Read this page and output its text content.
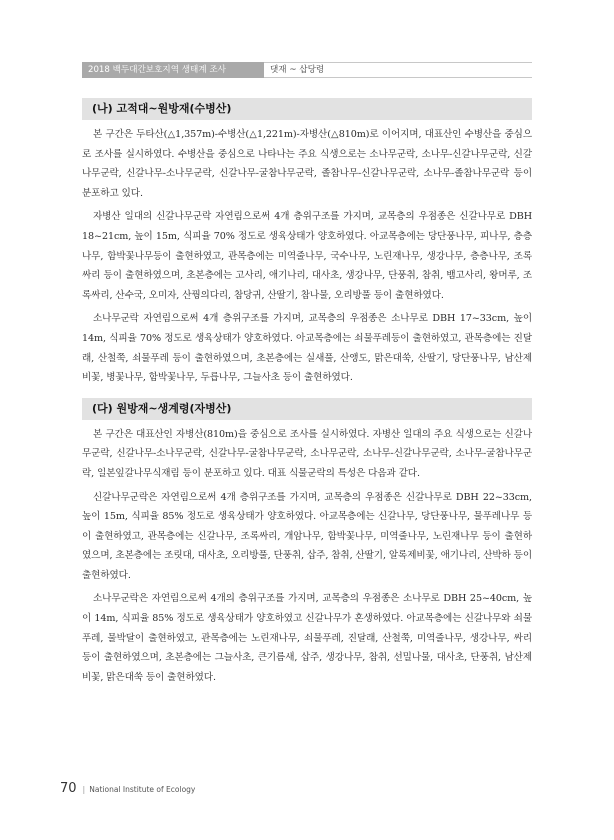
2018 백두대간보호지역 생태계 조사	댓재 ~ 삽당령
(나) 고적대~원방재(수병산)

본 구간은 두타산(△1,357m)-수병산(△1,221m)-자병산(△810m)로 이어지며, 대표산인 수병산을 중심으로 조사를 실시하였다. 수병산을 중심으로 나타나는 주요 식생으로는 소나무군락, 소나무-신갈나무군락, 신갈나무군락, 신갈나무-소나무군락, 신갈나무-굴참나무군락, 졸참나무-신갈나무군락, 소나무-졸참나무군락 등이 분포하고 있다.

자병산 일대의 신갈나무군락 자연림으로써 4개 층위구조를 가지며, 교목층의 우점종은 신갈나무로 DBH 18~21cm, 높이 15m, 식피율 70% 정도로 생육상태가 양호하였다. 아교목층에는 당단풍나무, 피나무, 층층나무, 함박꽃나무등이 출현하였고, 관목층에는 미역줄나무, 국수나무, 노린재나무, 생강나무, 층층나무, 조록싸리 등이 출현하였으며, 초본층에는 고사리, 애기나리, 대사초, 생강나무, 단풍취, 참취, 뱀고사리, 왕머루, 조록싸리, 산수국, 오미자, 산꿩의다리, 참당귀, 산딸기, 참나물, 오리방풀 등이 출현하였다.

소나무군락 자연림으로써 4개 층위구조를 가지며, 교목층의 우점종은 소나무로 DBH 17~33cm, 높이 14m, 식피율 70% 정도로 생육상태가 양호하였다. 아교목층에는 쇠물푸레등이 출현하였고, 관목층에는 진달래, 산철쭉, 쇠물푸레 등이 출현하였으며, 초본층에는 실새풀, 산앵도, 맑은대쑥, 산딸기, 당단풍나무, 남산제비꽃, 병꽃나무, 함박꽃나무, 두릅나무, 그늘사초 등이 출현하였다.

(다) 원방재~생계령(자병산)

본 구간은 대표산인 자병산(810m)을 중심으로 조사를 실시하였다. 자병산 일대의 주요 식생으로는 신갈나무군락, 신갈나무-소나무군락, 신갈나무-굴참나무군락, 소나무군락, 소나무-신갈나무군락, 소나무-굴참나무군락, 일본잎갈나무식재림 등이 분포하고 있다. 대표 식물군락의 특성은 다음과 같다.

신갈나무군락은 자연림으로써 4개 층위구조를 가지며, 교목층의 우점종은 신갈나무로 DBH 22~33cm, 높이 15m, 식피율 85% 정도로 생육상태가 양호하였다. 아교목층에는 신갈나무, 당단풍나무, 물푸레나무 등이 출현하였고, 관목층에는 신갈나무, 조록싸리, 개암나무, 함박꽃나무, 미역줄나무, 노린재나무 등이 출현하였으며, 초본층에는 조릿대, 대사초, 오리방풀, 단풍취, 삽주, 참취, 산딸기, 알록제비꽃, 애기나리, 산박하 등이 출현하였다.

소나무군락은 자연림으로써 4개의 층위구조를 가지며, 교목층의 우점종은 소나무로 DBH 25~40cm, 높이 14m, 식피율 85% 정도로 생육상태가 양호하였고 신갈나무가 혼생하였다. 아교목층에는 신갈나무와 쇠물푸레, 물박달이 출현하였고, 관목층에는 노린재나무, 쇠물푸레, 진달래, 산철쭉, 미역줄나무, 생강나무, 싸리 등이 출현하였으며, 초본층에는 그늘사초, 큰기름새, 삽주, 생강나무, 참취, 선밀나물, 대사초, 단풍취, 남산제비꽃, 맑은대쑥 등이 출현하였다.

70 | National Institute of Ecology
